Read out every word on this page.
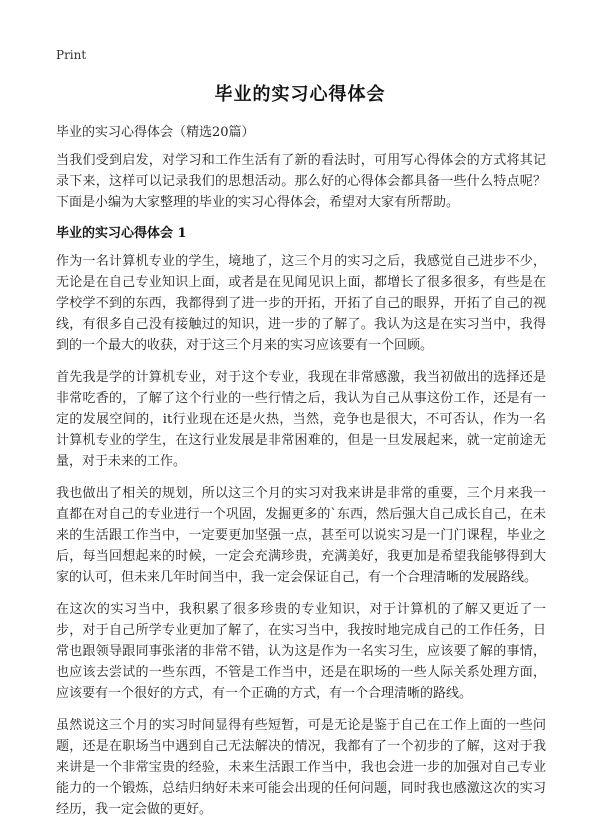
Print
毕业的实习心得体会
毕业的实习心得体会（精选20篇）

当我们受到启发，对学习和工作生活有了新的看法时，可用写心得体会的方式将其记录下来，这样可以记录我们的思想活动。那么好的心得体会都具备一些什么特点呢？下面是小编为大家整理的毕业的实习心得体会，希望对大家有所帮助。

毕业的实习心得体会 1

作为一名计算机专业的学生，境地了，这三个月的实习之后，我感觉自己进步不少，无论是在自己专业知识上面，或者是在见闻见识上面，都增长了很多很多，有些是在学校学不到的东西，我都得到了进一步的开拓，开拓了自己的眼界，开拓了自己的视线，有很多自己没有接触过的知识，进一步的了解了。我认为这是在实习当中，我得到的一个最大的收获，对于这三个月来的实习应该要有一个回顾。

首先我是学的计算机专业，对于这个专业，我现在非常感激，我当初做出的选择还是非常吃香的，了解了这个行业的一些行情之后，我认为自己从事这份工作，还是有一定的发展空间的，it行业现在还是火热，当然，竞争也是很大，不可否认，作为一名计算机专业的学生，在这行业发展是非常困难的，但是一旦发展起来，就一定前途无量，对于未来的工作。

我也做出了相关的规划，所以这三个月的实习对我来讲是非常的重要，三个月来我一直都在对自己的专业进行一个巩固，发掘更多的`东西，然后强大自己成长自己，在未来的生活跟工作当中，一定要更加坚强一点，甚至可以说实习是一门门课程，毕业之后，每当回想起来的时候，一定会充满珍贵，充满美好，我更加是希望我能够得到大家的认可，但未来几年时间当中，我一定会保证自己，有一个合理清晰的发展路线。

在这次的实习当中，我积累了很多珍贵的专业知识，对于计算机的了解又更近了一步，对于自己所学专业更加了解了，在实习当中，我按时地完成自己的工作任务，日常也跟领导跟同事张渚的非常不错，认为这是作为一名实习生，应该要了解的事情，也应该去尝试的一些东西，不管是工作当中，还是在职场的一些人际关系处理方面，应该要有一个很好的方式，有一个正确的方式，有一个合理清晰的路线。

虽然说这三个月的实习时间显得有些短暂，可是无论是鉴于自己在工作上面的一些问题，还是在职场当中遇到自己无法解决的情况，我都有了一个初步的了解，这对于我来讲是一个非常宝贵的经验，未来生活跟工作当中，我也会进一步的加强对自己专业能力的一个锻炼，总结归纳好未来可能会出现的任何问题，同时我也感激这次的实习经历，我一定会做的更好。
